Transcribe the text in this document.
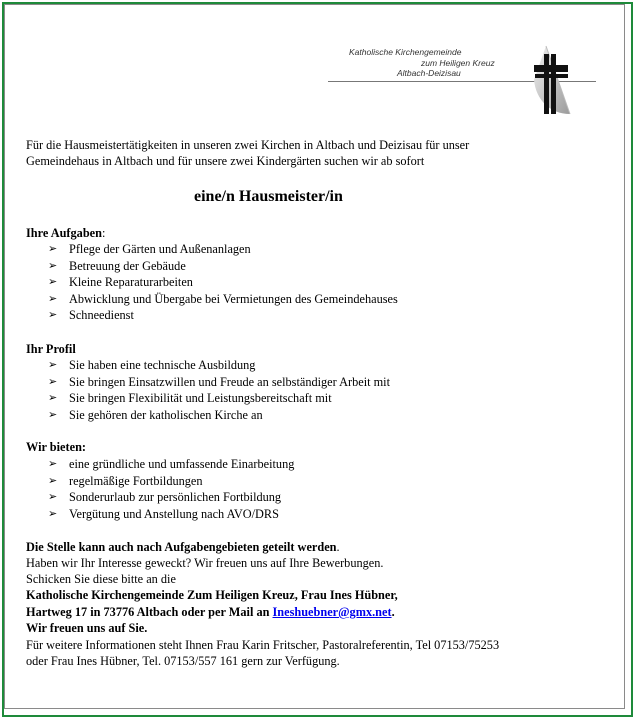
Katholische Kirchengemeinde
zum Heiligen Kreuz
Altbach-Deizisau
Für die Hausmeistertätigkeiten in unseren zwei Kirchen in Altbach und Deizisau für unser
Gemeindehaus in Altbach und für unsere zwei Kindergärten suchen wir ab sofort
eine/n Hausmeister/in
Ihre Aufgaben:
➢ Pflege der Gärten und Außenanlagen
➢ Betreuung der Gebäude
➢ Kleine Reparaturarbeiten
➢ Abwicklung und Übergabe bei Vermietungen des Gemeindehauses
➢ Schneedienst
Ihr Profil
➢ Sie haben eine technische Ausbildung
➢ Sie bringen Einsatzwillen und Freude an selbständiger Arbeit mit
➢ Sie bringen Flexibilität und Leistungsbereitschaft mit
➢ Sie gehören der katholischen Kirche an
Wir bieten:
➢ eine gründliche und umfassende Einarbeitung
➢ regelmäßige Fortbildungen
➢ Sonderurlaub zur persönlichen Fortbildung
➢ Vergütung und Anstellung nach AVO/DRS
Die Stelle kann auch nach Aufgabengebieten geteilt werden.
Haben wir Ihr Interesse geweckt? Wir freuen uns auf Ihre Bewerbungen.
Schicken Sie diese bitte an die
Katholische Kirchengemeinde Zum Heiligen Kreuz, Frau Ines Hübner,
Hartweg 17 in 73776 Altbach oder per Mail an Ineshuebner@gmx.net.
Wir freuen uns auf Sie.
Für weitere Informationen steht Ihnen Frau Karin Fritscher, Pastoralreferentin, Tel 07153/75253
oder Frau Ines Hübner, Tel. 07153/557 161 gern zur Verfügung.
